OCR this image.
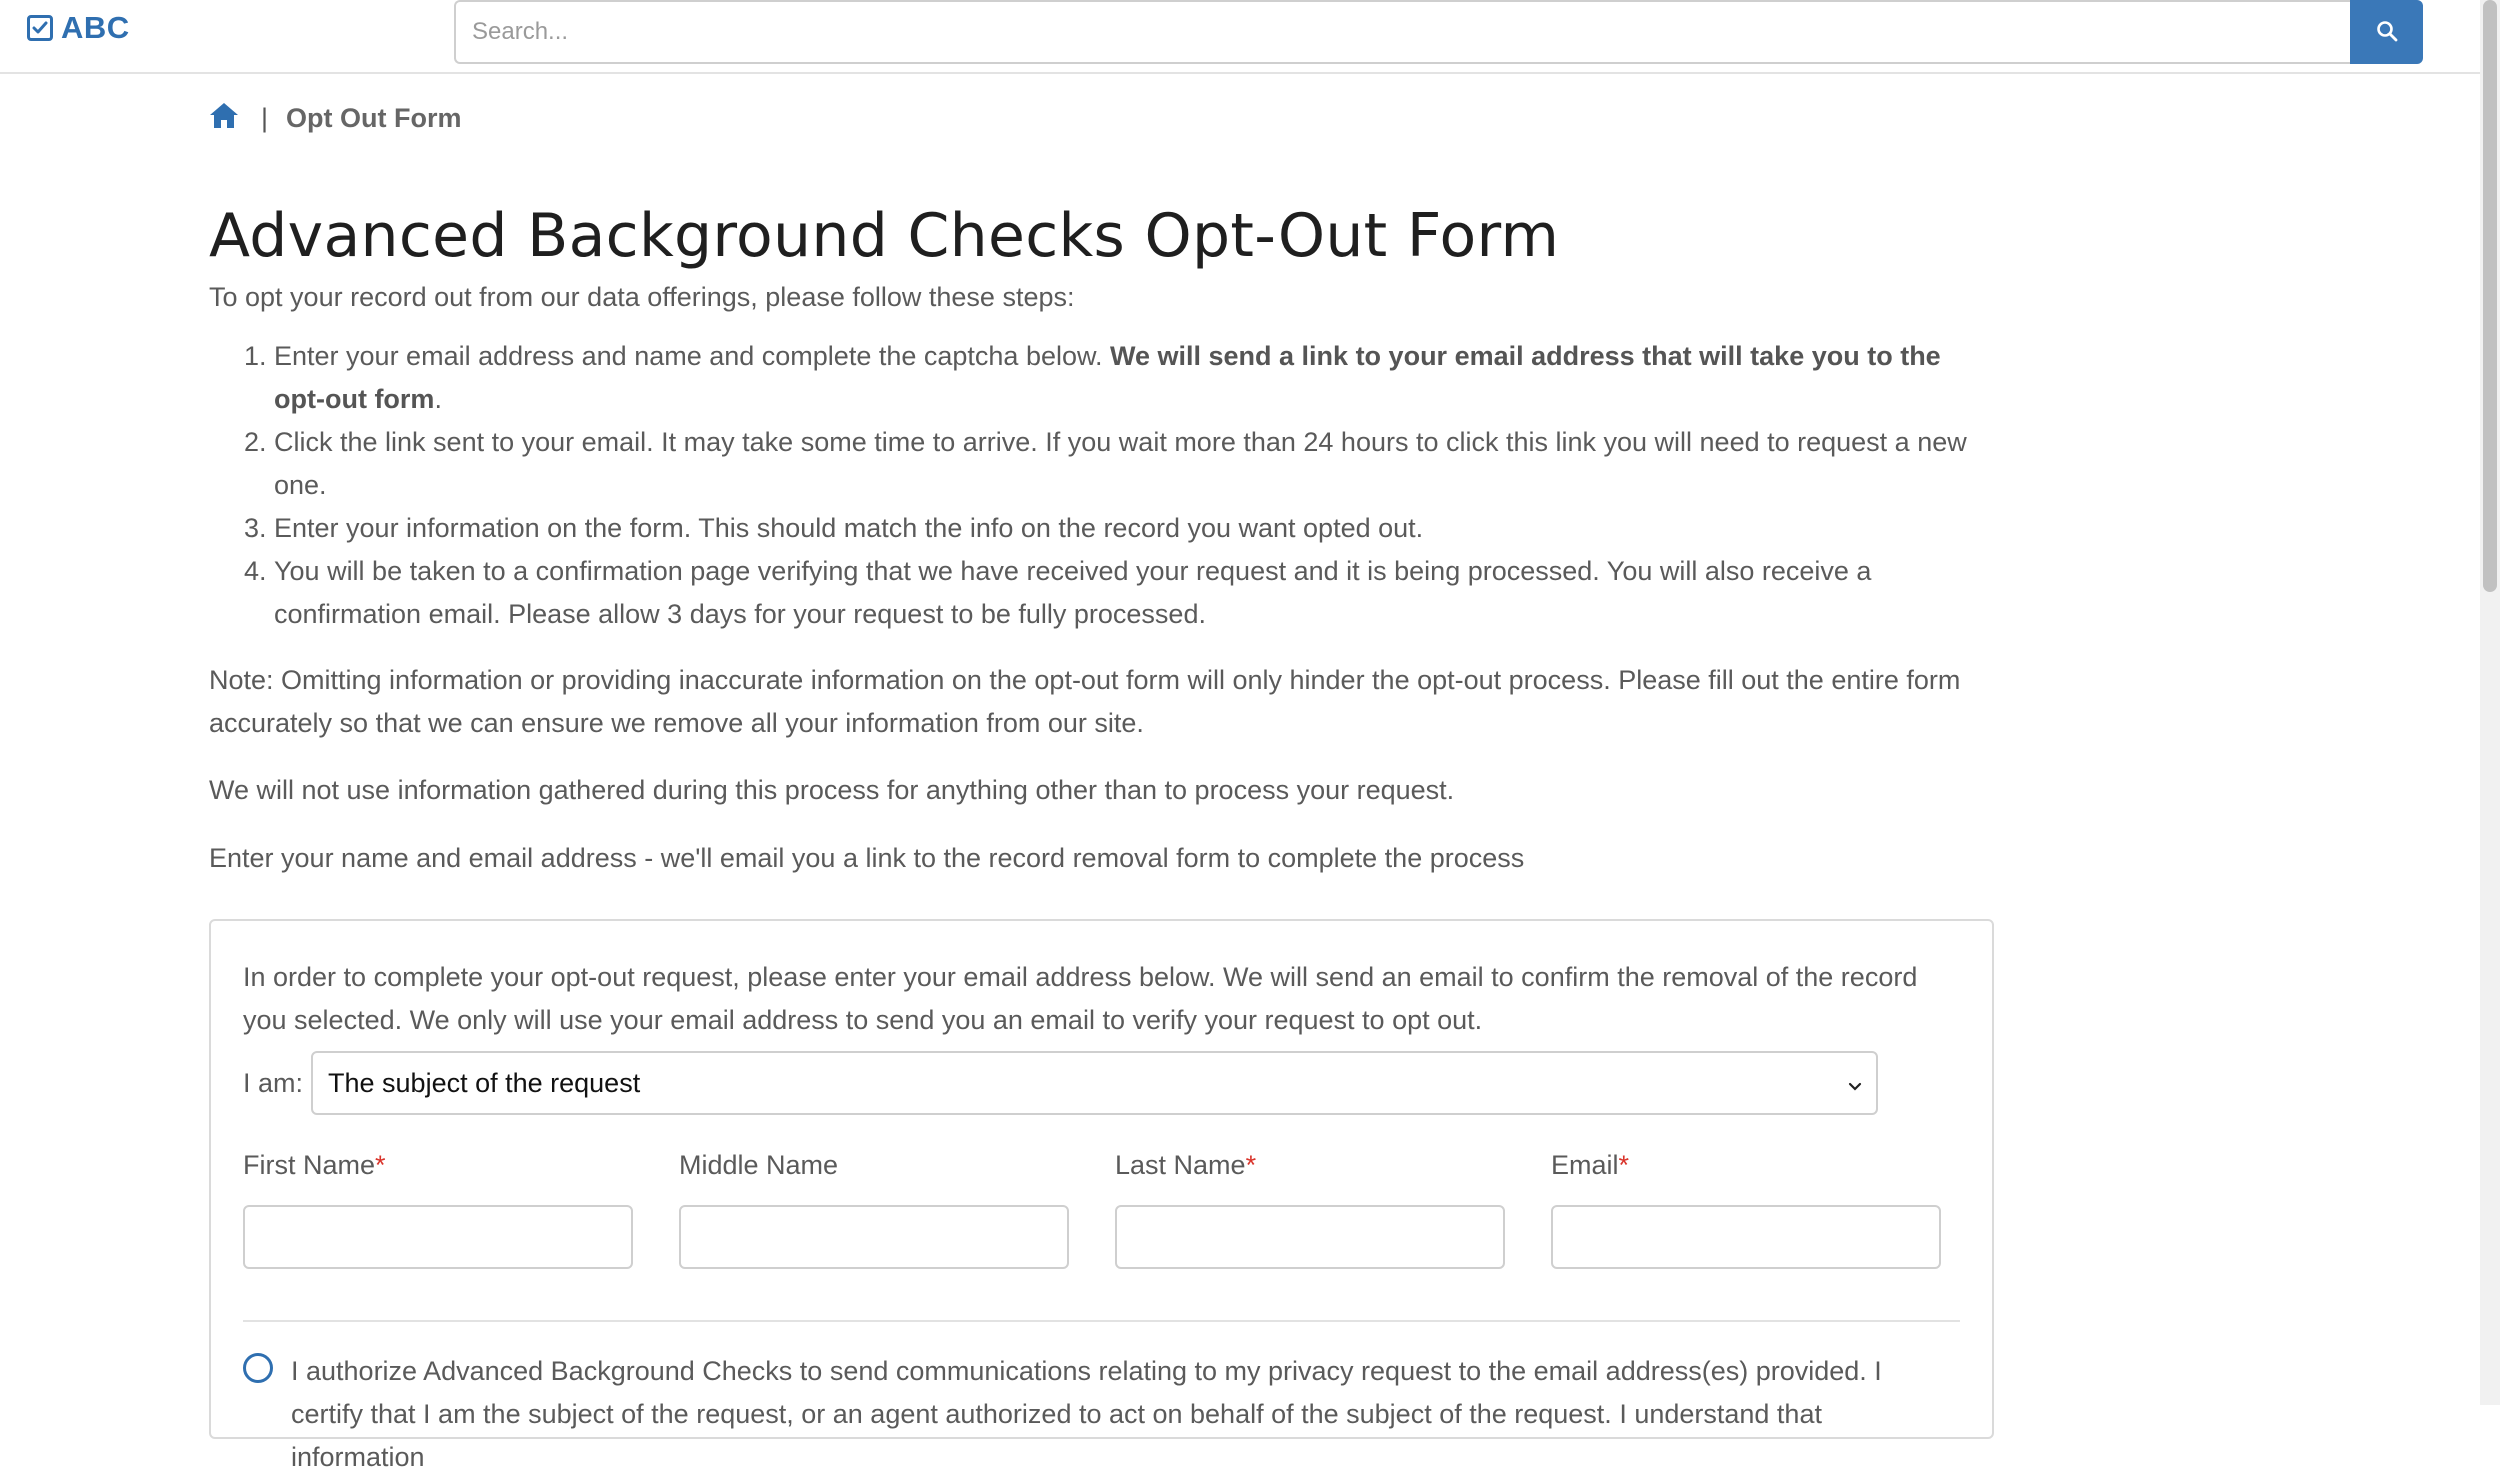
ABC
Search...
| Opt Out Form
Advanced Background Checks Opt-Out Form

To opt your record out from our data offerings, please follow these steps:

1. Enter your email address and name and complete the captcha below. We will send a link to your email address that will take you to the opt-out form.
2. Click the link sent to your email. It may take some time to arrive. If you wait more than 24 hours to click this link you will need to request a new one.
3. Enter your information on the form. This should match the info on the record you want opted out.
4. You will be taken to a confirmation page verifying that we have received your request and it is being processed. You will also receive a confirmation email. Please allow 3 days for your request to be fully processed.

Note: Omitting information or providing inaccurate information on the opt-out form will only hinder the opt-out process. Please fill out the entire form accurately so that we can ensure we remove all your information from our site.

We will not use information gathered during this process for anything other than to process your request.

Enter your name and email address - we'll email you a link to the record removal form to complete the process

In order to complete your opt-out request, please enter your email address below. We will send an email to confirm the removal of the record you selected. We only will use your email address to send you an email to verify your request to opt out.

I am: The subject of the request
First Name*	Middle Name	Last Name*	Email*
I authorize Advanced Background Checks to send communications relating to my privacy request to the email address(es) provided. I certify that I am the subject of the request, or an agent authorized to act on behalf of the subject of the request. I understand that information
